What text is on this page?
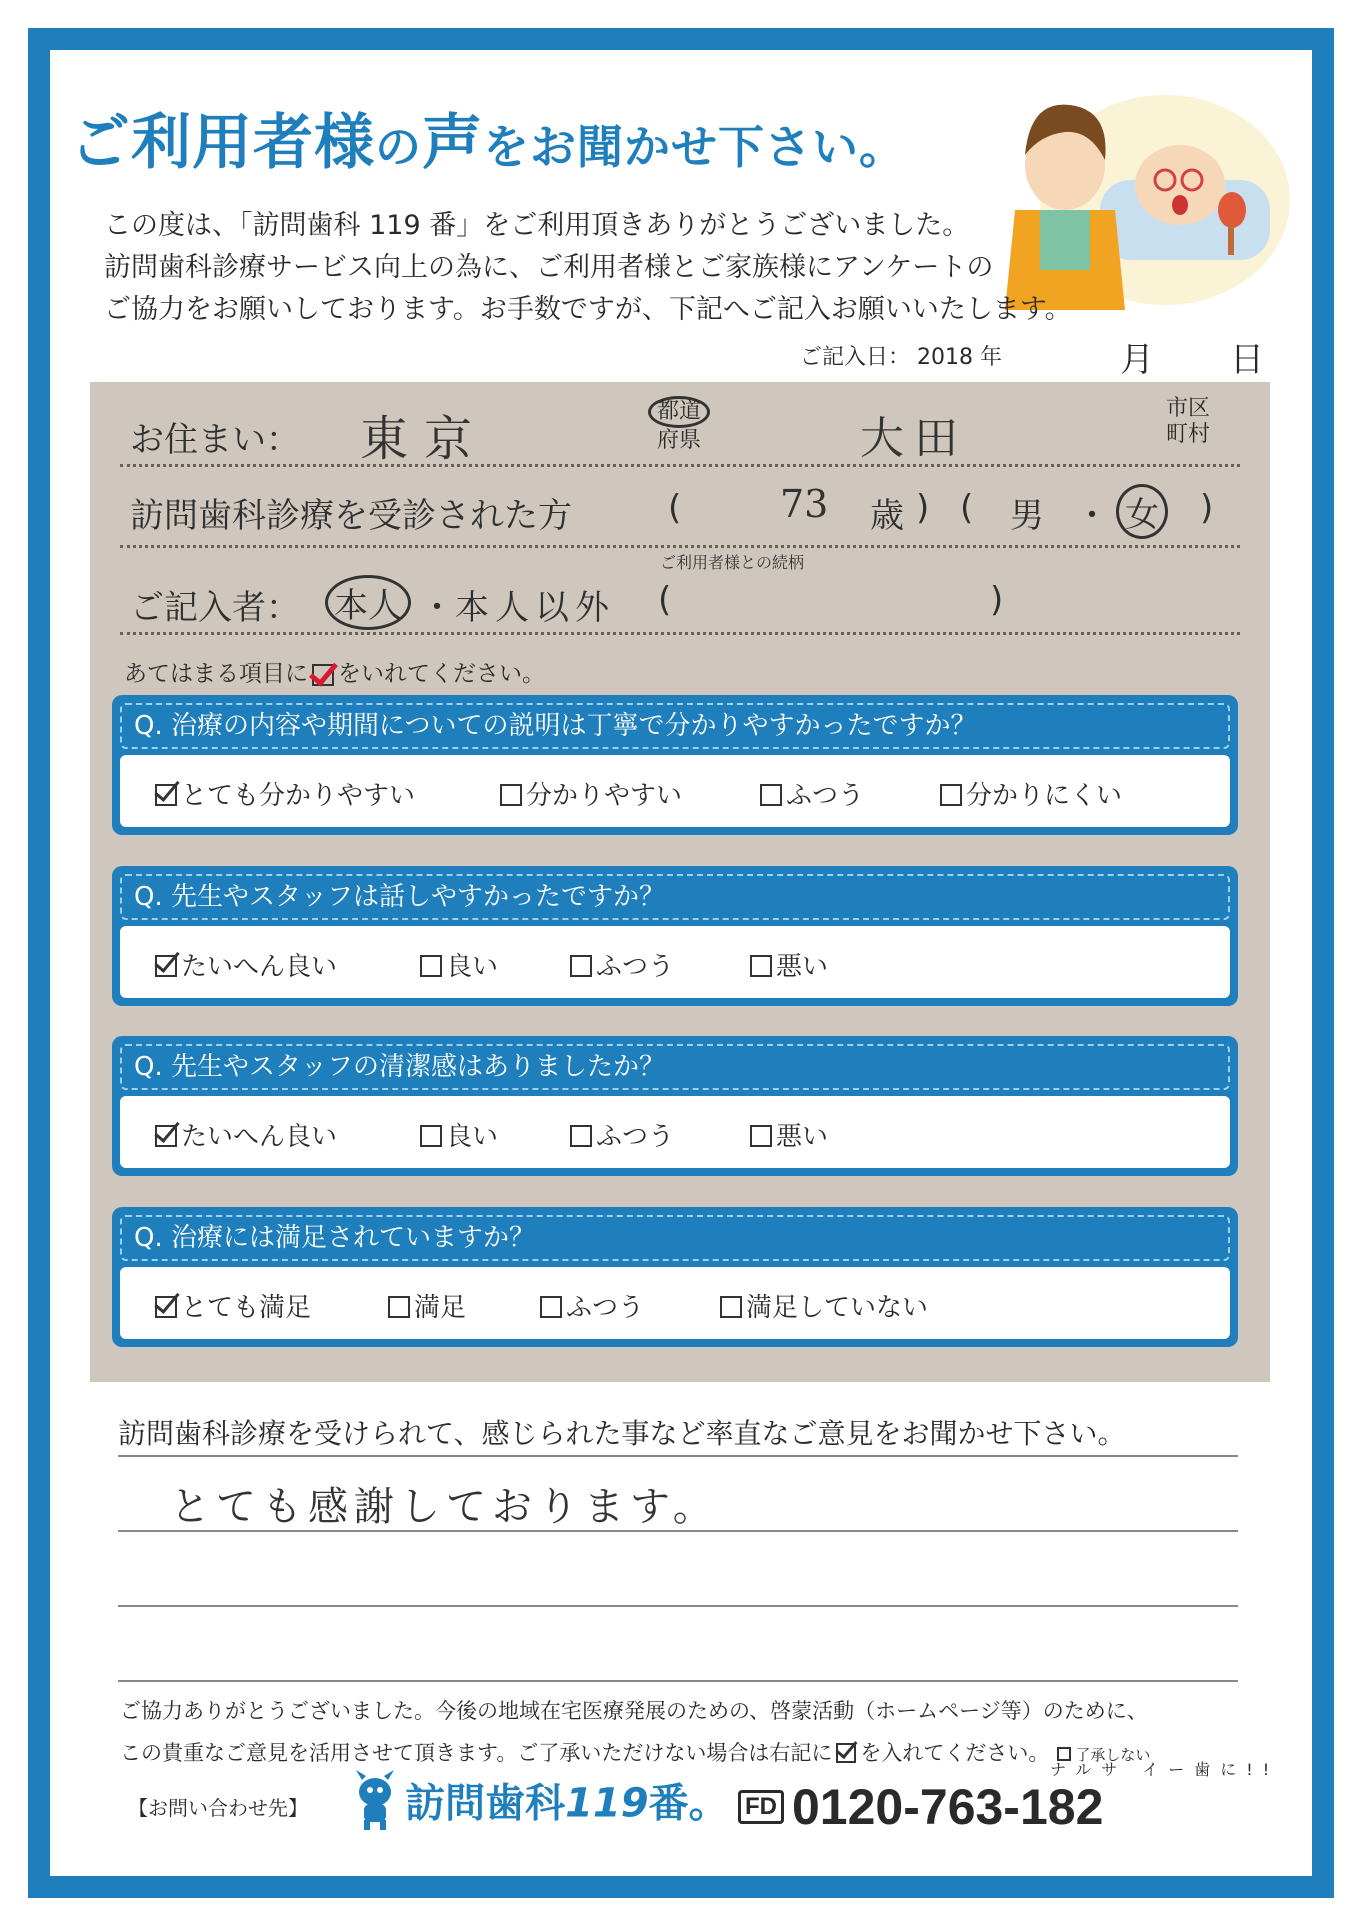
ご利用者様の声をお聞かせ下さい。
この度は、「訪問歯科 119 番」をご利用頂きありがとうございました。
訪問歯科診療サービス向上の為に、ご利用者様とご家族様にアンケートの
ご協力をお願いしております。お手数ですが、下記へご記入お願いいたします。
ご記入日： 2018 年	月 日
お住まい： 東京	都道
府県	大田
市区
町村
訪問歯科診療を受診された方	(	73 歳 ) ( 男 ・ 女 )
ご利用者様との続柄
ご記入者： 本人 ・ 本人以外 (	)
あてはまる項目に をいれてください。
Q. 治療の内容や期間についての説明は丁寧で分かりやすかったですか？
とても分かりやすい	分かりやすい	ふつう	分かりにくい
Q. 先生やスタッフは話しやすかったですか？
たいへん良い	良い	ふつう	悪い
Q. 先生やスタッフの清潔感はありましたか？
たいへん良い	良い	ふつう	悪い
Q. 治療には満足されていますか？
とても満足	満足	ふつう	満足していない
訪問歯科診療を受けられて、感じられた事など率直なご意見をお聞かせ下さい。
とても感謝しております。
ご協力ありがとうございました。今後の地域在宅医療発展のための、啓蒙活動（ホームページ等）のために、
この貴重なご意見を活用させて頂きます。ご了承いただけない場合は右記に を入れてください。 了承しない
【お問い合わせ先】	訪問歯科119番。
ナルサ イー歯に!!
FD 0120-763-182
